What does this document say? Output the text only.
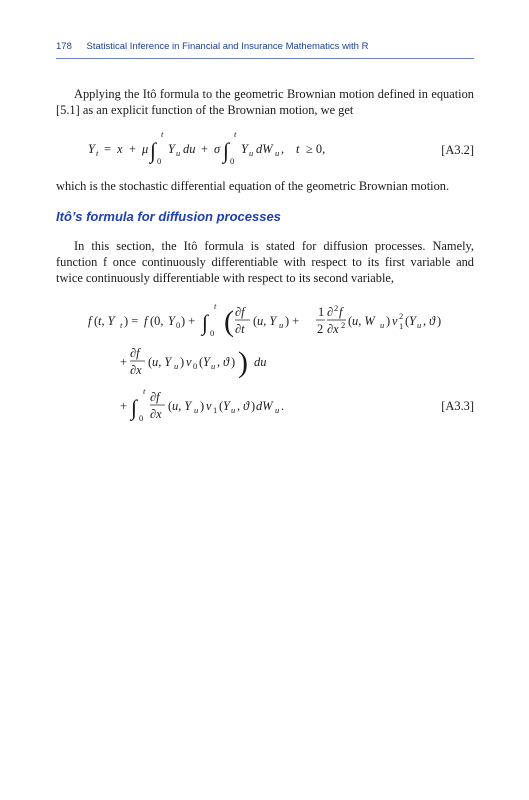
178 Statistical Inference in Financial and Insurance Mathematics with R

Applying the Itô formula to the geometric Brownian motion defined in equation [5.1] as an explicit function of the Brownian motion, we get

Y t = x + μ ∫
t
0
Y u du + σ ∫
t
0
Y u dW u , t ≥ 0,	[A3.2]

which is the stochastic differential equation of the geometric Brownian motion.

Itô’s formula for diffusion processes

In this section, the Itô formula is stated for diffusion processes. Namely, function f once continuously differentiable with respect to its first variable and twice continuously differentiable with respect to its second variable,

f ( t, Y t ) = f (0, Y 0 ) + ∫
t
0 ( ∂f
∂t
( u, Y u ) +
1
2
∂ 2 f
∂x 2 ( u, W u ) v 2
1 ( Y u , ϑ )
+
∂f
∂x
( u, Y u ) v 0 ( Y u , ϑ ) ) du
+ ∫
t
0
∂f
∂x
( u, Y u ) v 1 ( Y u , ϑ ) dW u .	[A3.3]
